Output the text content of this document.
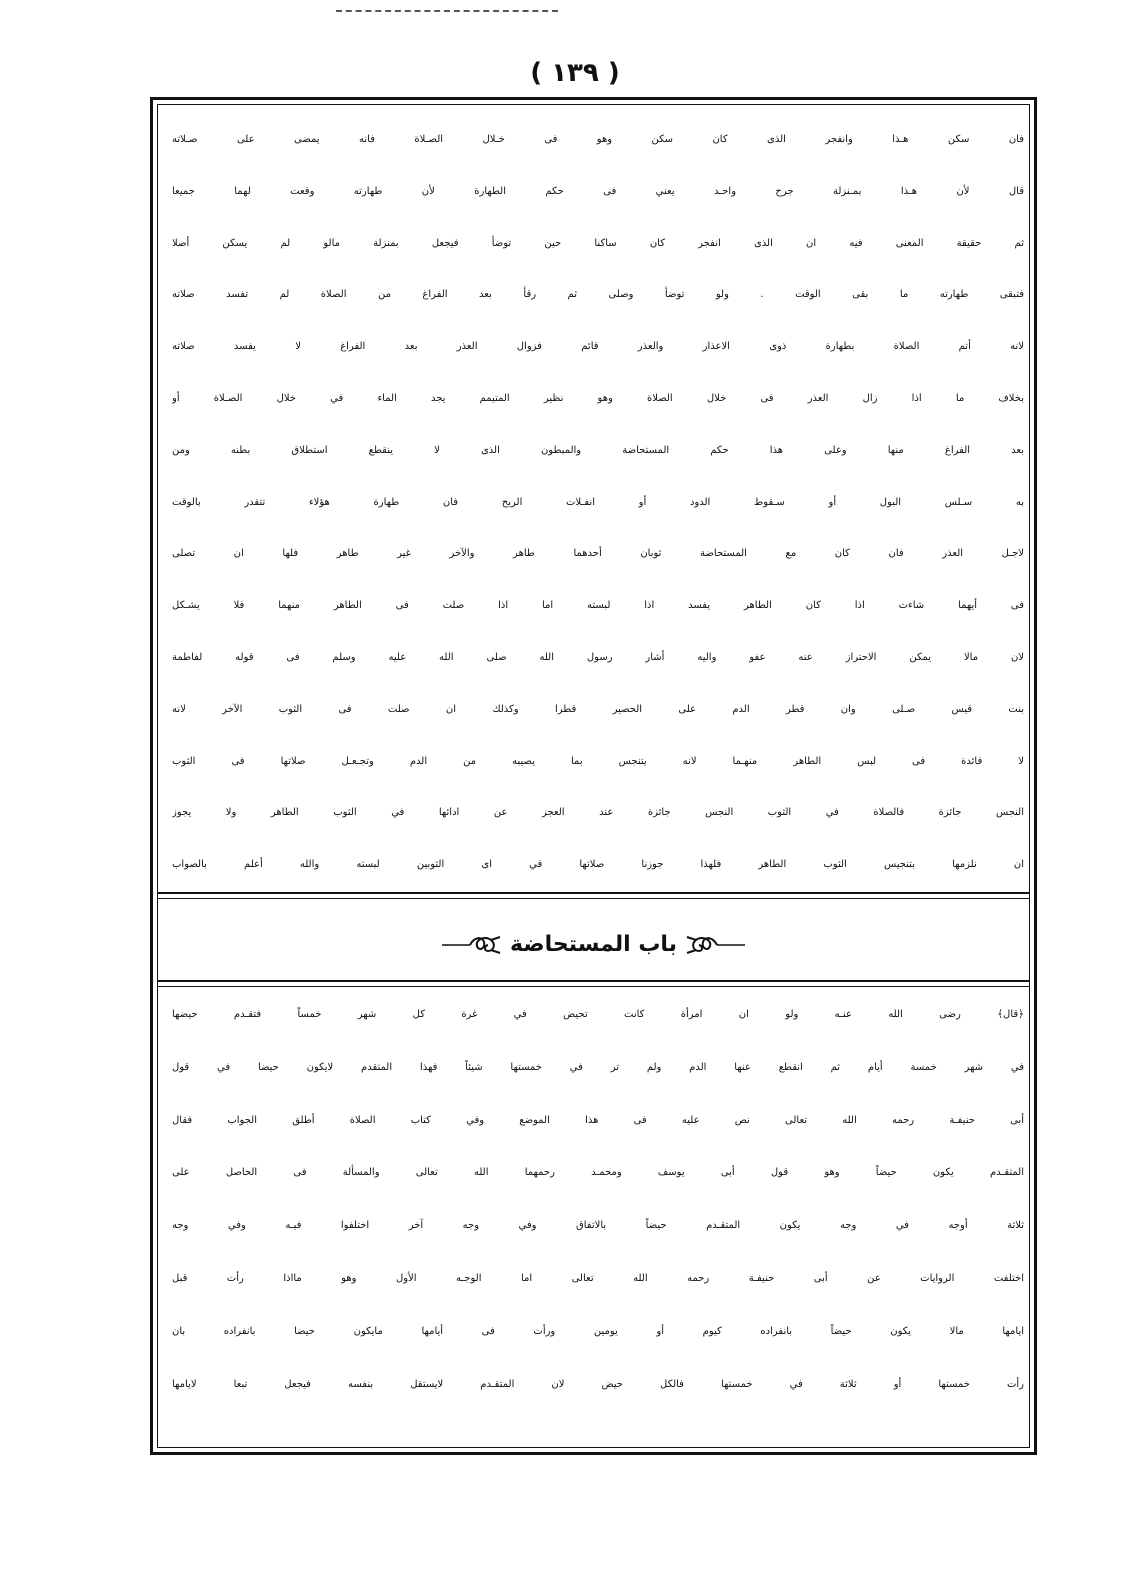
( ١٣٩ )
فان سكن هـذا وانفجر الذى كان سكن وهو فى خـلال الصـلاة فانه يمضى على صـلاته
قال لأن هـذا بمـنزلة جرح واحـد يعني فى حكم الطهارة لأن طهارته وقعت لهما جميعا
ثم حقيقة المعنى فيه ان الذى انفجر كان ساكنا حين توضأ فيجعل بمنزلة مالو لم يسكن أصلا
فتبقى طهارته ما بقى الوقت . ولو توضأ وصلى ثم رقأ بعد الفراغ من الصلاة لم تفسد صلاته
لانه أتم الصلاة بطهارة ذوى الاعذار والعذر قائم فزوال العذر بعد الفراغ لا يفسد صلاته
بخلاف ما اذا زال العذر فى خلال الصلاة وهو نظير المتيمم يجد الماء في خلال الصـلاة أو
بعد الفراغ منها وعلى هذا حكم المستحاضة والمبطون الذى لا ينقطع استطلاق بطنه ومن
به سـلس البول أو سـقوط الدود أو انفـلات الريح فان طهارة هؤلاء تتقدر بالوقت
لاجـل العذر فان كان مع المستحاضة ثوبان أحدهما طاهر والآخر غير طاهر فلها ان تصلى
فى أيهما شاءت اذا كان الطاهر يفسد اذا لبسته اما اذا صلت فى الطاهر منهما فلا يشـكل
لان مالا يمكن الاحتراز عنه عفو واليه أشار رسول الله صلى الله عليه وسلم فى قوله لفاطمة
بنت قيس صـلى وان قطر الدم على الحصير قطرا وكذلك ان صلت فى الثوب الآخر لانه
لا فائدة فى لبس الطاهر منهـما لانه يتنجس بما يصيبه من الدم وتجـعـل صلاتها فى الثوب
النجس جائزة فالصلاة في الثوب النجس جائزة عند العجز عن ادائها في الثوب الطاهر ولا يجوز
ان نلزمها بتنجيس الثوب الطاهر فلهذا جوزنا صلاتها في اى الثوبين لبسته والله أعلم بالصواب
باب المستحاضة
﴿قال﴾ رضى الله عنـه ولو ان امرأة كانت تحيض في غرة كل شهر خمساً فتقـدم حيضها
في شهر خمسة أيام ثم انقطع عنها الدم ولم تر في خمستها شيئاً فهذا المتقدم لايكون حيضا في قول
أبى حنيفـة رحمه الله تعالى نص عليه فى هذا الموضع وفي كتاب الصلاة أطلق الجواب فقال
المتقـدم يكون حيضاً وهو قول أبى يوسف ومحمـد رحمهما الله تعالى والمسألة فى الحاصل على
ثلاثة أوجه في وجه يكون المتقـدم حيضاً بالاتفاق وفي وجه آخر اختلفوا فيـه وفي وجه
اختلفت الروايات عن أبى حنيفـة رحمه الله تعالى اما الوجـه الأول وهو مااذا رأت قبل
ايامها مالا يكون حيضاً بانفراده كيوم أو يومين ورأت فى أيامها مايكون حيضا بانفراده بان
رأت خمستها أو ثلاثة في خمستها فالكل حيض لان المتقـدم لايستقل بنفسه فيجعل تبعا لايامها
